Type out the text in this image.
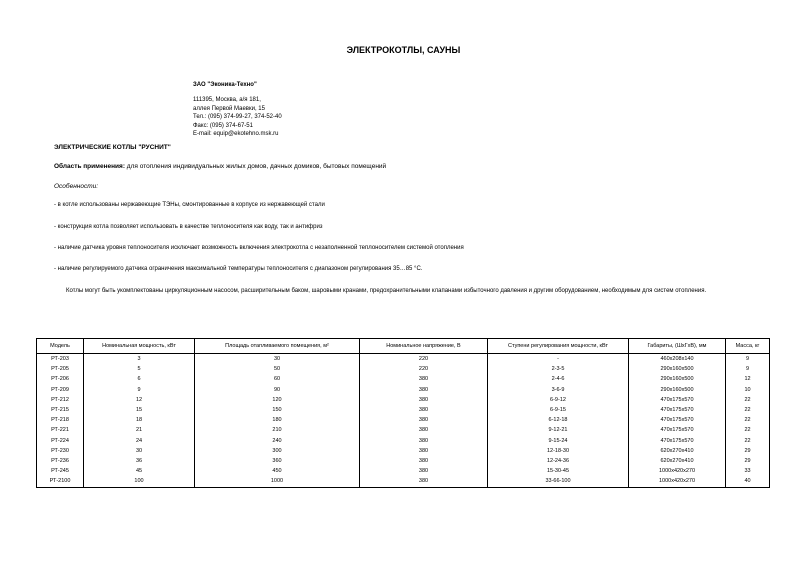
ЭЛЕКТРОКОТЛЫ, САУНЫ
ЗАО "Эконика-Техно"
111395, Москва, а/я 181,
аллея Первой Маевки, 15
Тел.: (095) 374-99-27, 374-52-40
Факс: (095) 374-67-51
E-mail: equip@ekotehno.msk.ru
ЭЛЕКТРИЧЕСКИЕ КОТЛЫ "РУСНИТ"
Область применения: для отопления индивидуальных жилых домов, дачных домиков, бытовых помещений
Особенности:
- в котле использованы нержавеющие ТЭНы, смонтированные в корпусе из нержавеющей стали
- конструкция котла позволяет использовать в качестве теплоносителя как воду, так и антифриз
- наличие датчика уровня теплоносителя исключает возможность включения электрокотла с незаполненной теплоносителем системой отопления
- наличие регулируемого датчика ограничения максимальной температуры теплоносителя с диапазоном регулирования 35…85 °С.
Котлы могут быть укомплектованы циркуляционным насосом, расширительным баком, шаровыми кранами, предохранительными клапанами избыточного давления и другим оборудованием, необходимым для систем отопления.
Модель	Номинальная мощность, кВт	Площадь отапливаемого помещения, м²	Номинальное напряжение, В	Ступени регулирования мощности, кВт	Габариты, (ШxГxВ), мм	Масса, кг
РТ-203	3	30	220	-	460x208x140	9
РТ-205	5	50	220	2-3-5	290x160x500	9
РТ-206	6	60	380	2-4-6	290x160x500	12
РТ-209	9	90	380	3-6-9	290x160x500	10
РТ-212	12	120	380	6-9-12	470x175x570	22
РТ-215	15	150	380	6-9-15	470x175x570	22
РТ-218	18	180	380	6-12-18	470x175x570	22
РТ-221	21	210	380	9-12-21	470x175x570	22
РТ-224	24	240	380	9-15-24	470x175x570	22
РТ-230	30	300	380	12-18-30	620x270x410	29
РТ-236	36	360	380	12-24-36	620x270x410	29
РТ-245	45	450	380	15-30-45	1000x420x270	33
РТ-2100	100	1000	380	33-66-100	1000x420x270	40
